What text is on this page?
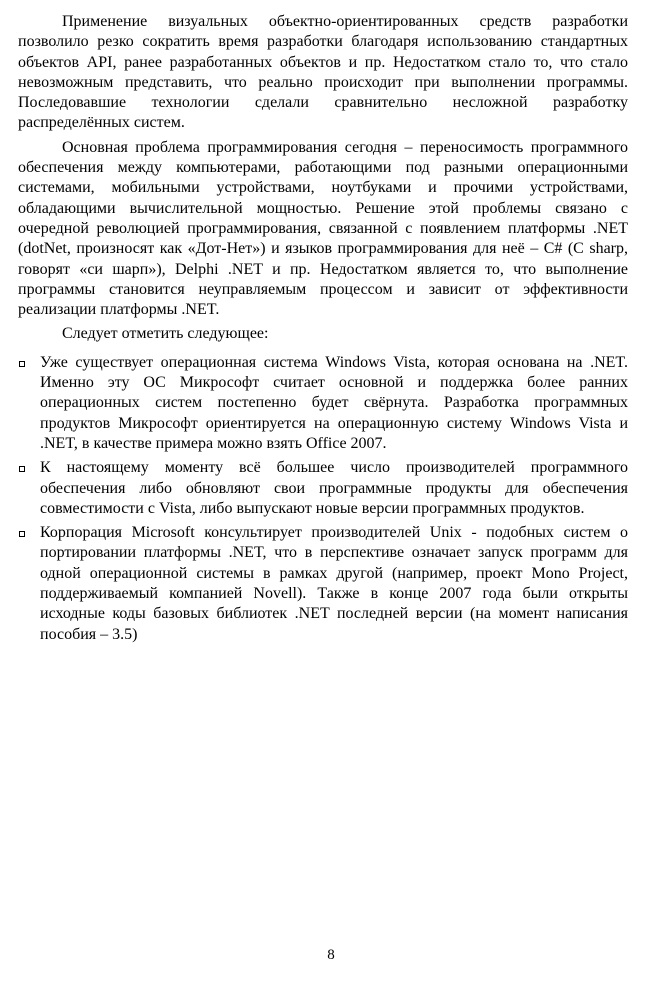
Применение визуальных объектно-ориентированных средств разработки позволило резко сократить время разработки благодаря использованию стандартных объектов API, ранее разработанных объектов и пр. Недостатком стало то, что стало невозможным представить, что реально происходит при выполнении программы. Последовавшие технологии сделали сравнительно несложной разработку распределённых систем.

Основная проблема программирования сегодня – переносимость программного обеспечения между компьютерами, работающими под разными операционными системами, мобильными устройствами, ноутбуками и прочими устройствами, обладающими вычислительной мощностью. Решение этой проблемы связано с очередной революцией программирования, связанной с появлением платформы .NET (dotNet, произносят как «Дот-Нет») и языков программирования для неё – C# (C sharp, говорят «си шарп»), Delphi .NET и пр. Недостатком является то, что выполнение программы становится неуправляемым процессом и зависит от эффективности реализации платформы .NET.

Следует отметить следующее:

Уже существует операционная система Windows Vista, которая основана на .NET. Именно эту ОС Микрософт считает основной и поддержка более ранних операционных систем постепенно будет свёрнута. Разработка программных продуктов Микрософт ориентируется на операционную систему Windows Vista и .NET, в качестве примера можно взять Office 2007.
К настоящему моменту всё большее число производителей программного обеспечения либо обновляют свои программные продукты для обеспечения совместимости с Vista, либо выпускают новые версии программных продуктов.
Корпорация Microsoft консультирует производителей Unix - подобных систем о портировании платформы .NET, что в перспективе означает запуск программ для одной операционной системы в рамках другой (например, проект Mono Project, поддерживаемый компанией Novell). Также в конце 2007 года были открыты исходные коды базовых библиотек .NET последней версии (на момент написания пособия – 3.5)
8
